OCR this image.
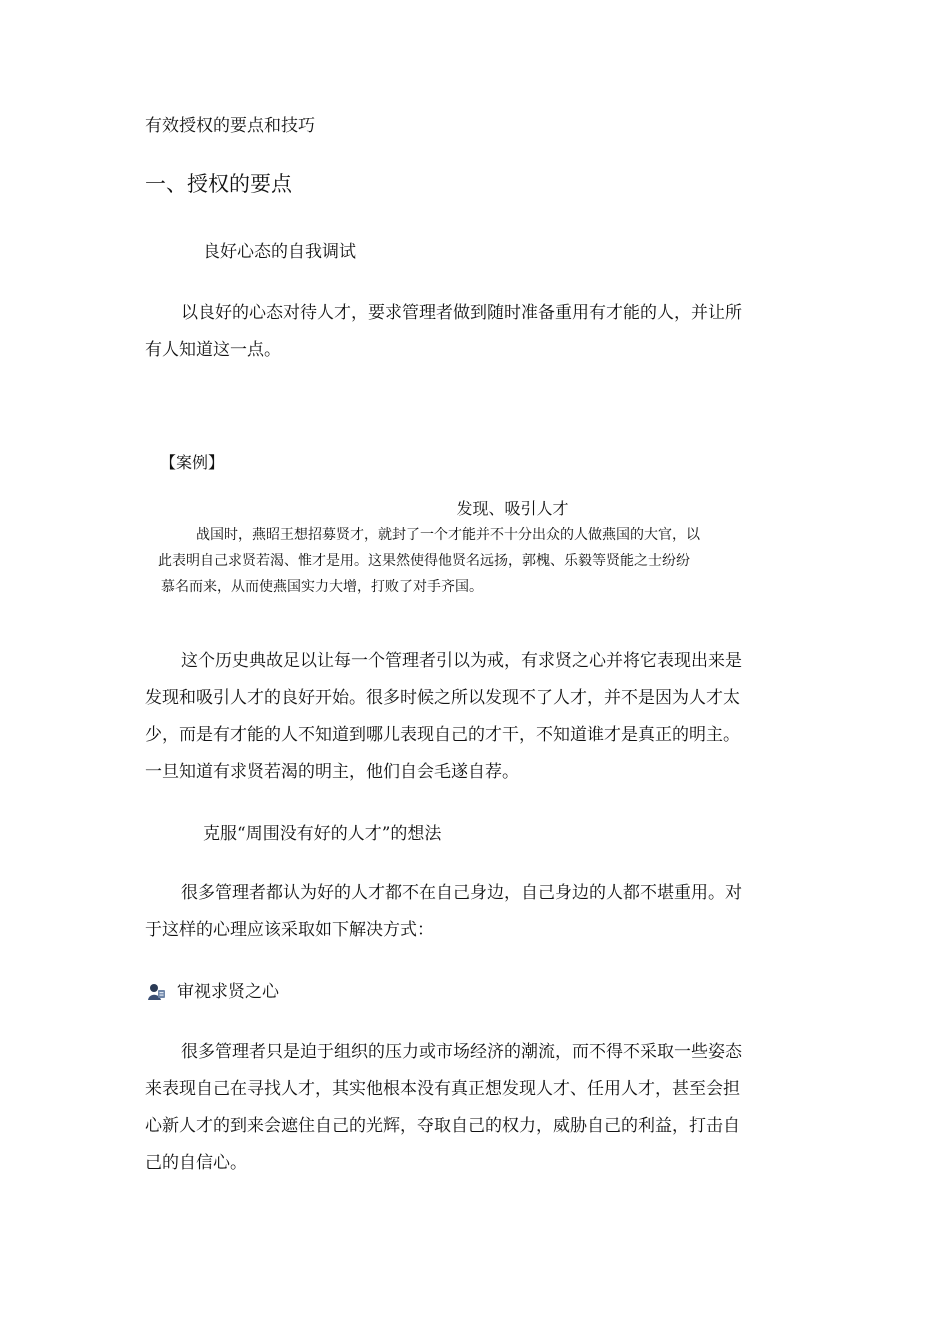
有效授权的要点和技巧

一、授权的要点

良好心态的自我调试

以良好的心态对待人才，要求管理者做到随时准备重用有才能的人，并让所
有人知道这一点。

【案例】

发现、吸引人才

战国时，燕昭王想招募贤才，就封了一个才能并不十分出众的人做燕国的大官，以
此表明自己求贤若渴、惟才是用。这果然使得他贤名远扬，郭槐、乐毅等贤能之士纷纷
慕名而来，从而使燕国实力大增，打败了对手齐国。
这个历史典故足以让每一个管理者引以为戒，有求贤之心并将它表现出来是
发现和吸引人才的良好开始。很多时候之所以发现不了人才，并不是因为人才太
少，而是有才能的人不知道到哪儿表现自己的才干，不知道谁才是真正的明主。
一旦知道有求贤若渴的明主，他们自会毛遂自荐。

克服“周围没有好的人才”的想法

很多管理者都认为好的人才都不在自己身边，自己身边的人都不堪重用。对
于这样的心理应该采取如下解决方式：
审视求贤之心
很多管理者只是迫于组织的压力或市场经济的潮流，而不得不采取一些姿态
来表现自己在寻找人才，其实他根本没有真正想发现人才、任用人才，甚至会担
心新人才的到来会遮住自己的光辉，夺取自己的权力，威胁自己的利益，打击自
己的自信心。
